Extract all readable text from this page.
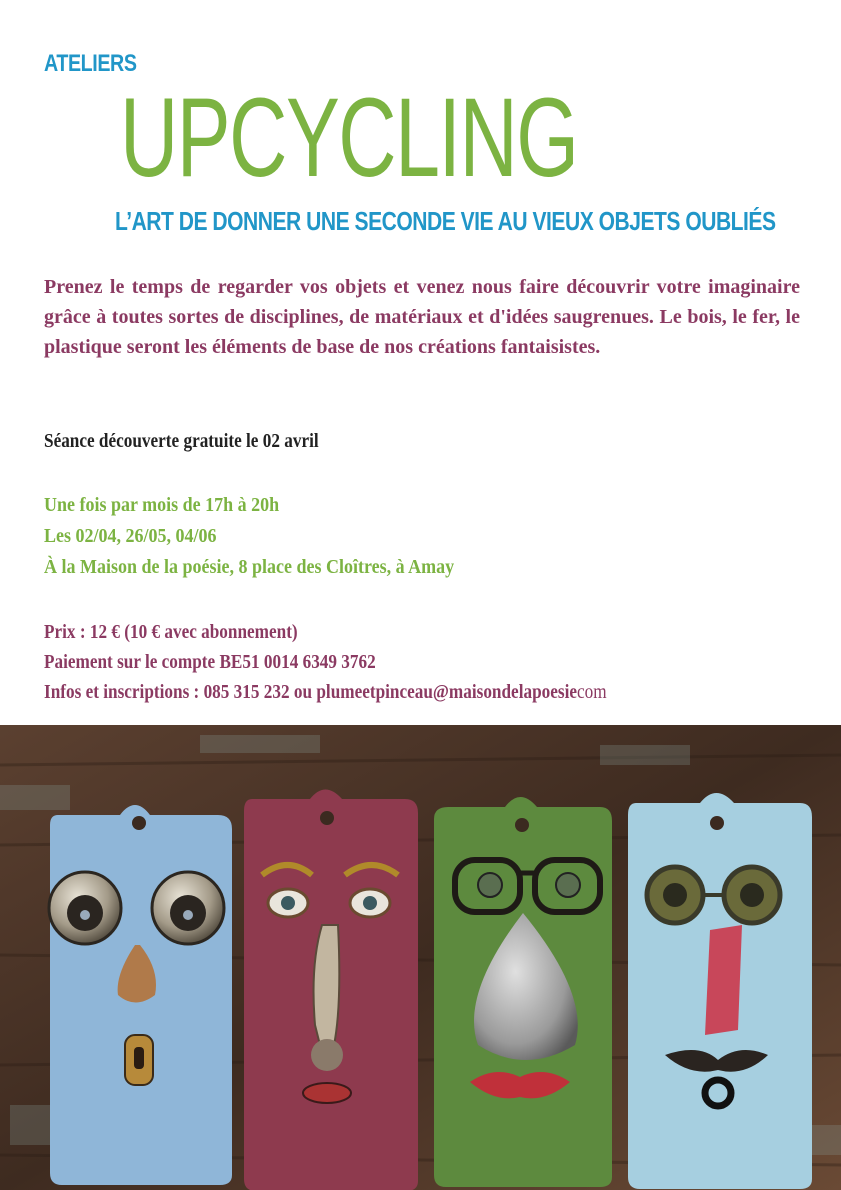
ATELIERS
UPCYCLING
L’ART DE DONNER UNE SECONDE VIE AU VIEUX OBJETS OUBLIÉS
Prenez le temps de regarder vos objets et venez nous faire découvrir votre imaginaire grâce à toutes sortes de disciplines, de matériaux et d'idées saugrenues. Le bois, le fer, le plastique seront les éléments de base de nos créations fantaisistes.
Séance découverte gratuite le 02 avril
Une fois par mois de 17h à 20h
Les 02/04, 26/05, 04/06
À la Maison de la poésie, 8 place des Cloîtres, à Amay
Prix : 12 € (10 € avec abonnement)
Paiement sur le compte BE51 0014 6349 3762
Infos et inscriptions : 085 315 232 ou plumeetpinceau@maisondelapoesiecom
